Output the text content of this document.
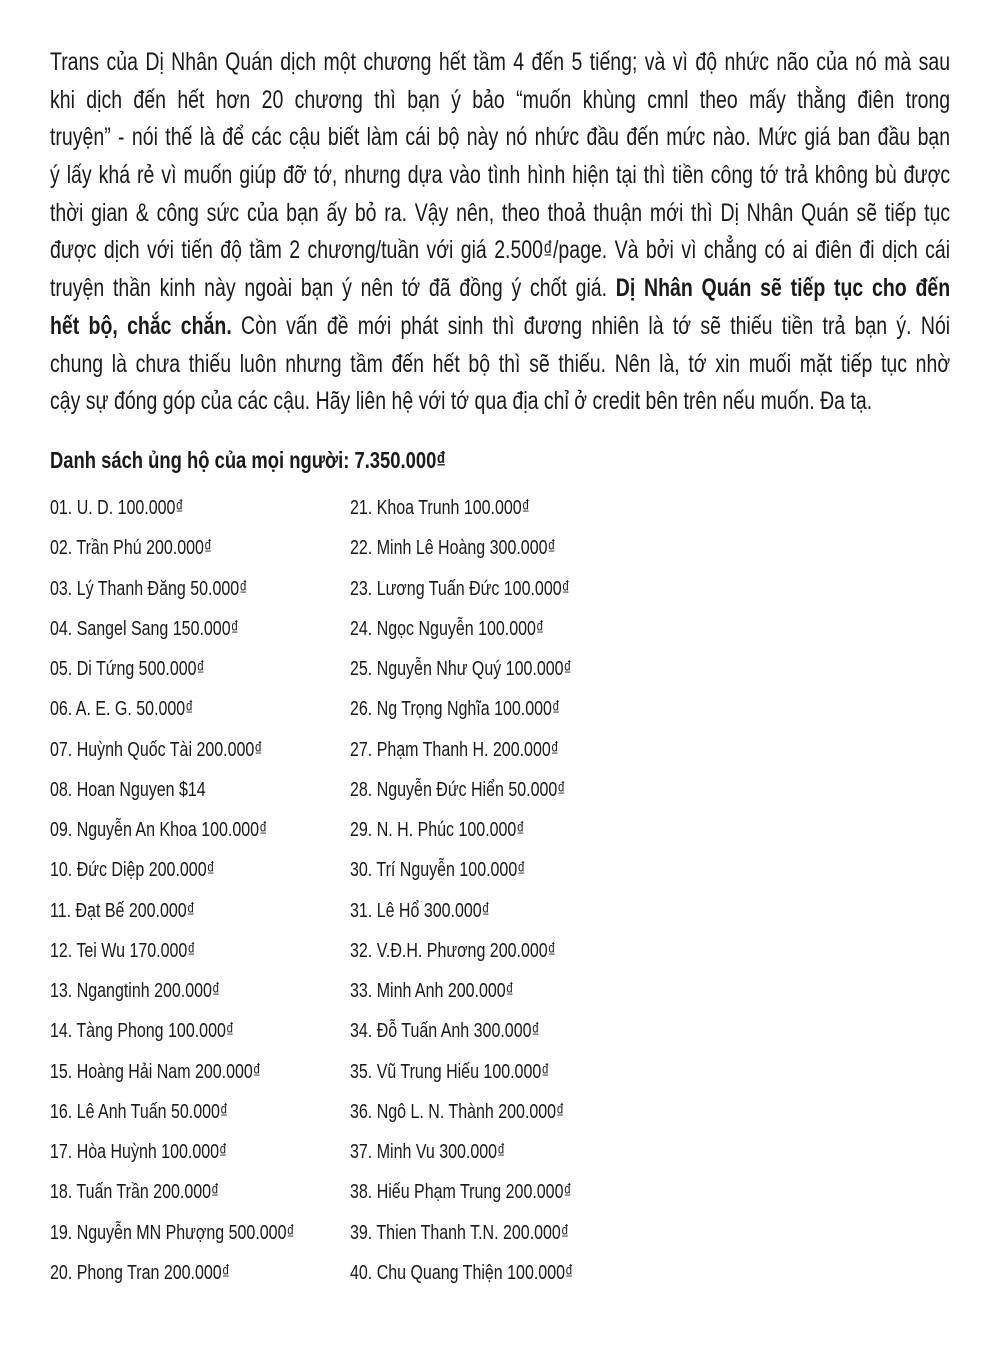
Trans của Dị Nhân Quán dịch một chương hết tầm 4 đến 5 tiếng; và vì độ nhức não của nó mà sau
khi dịch đến hết hơn 20 chương thì bạn ý bảo “muốn khùng cmnl theo mấy thằng điên trong
truyện” - nói thế là để các cậu biết làm cái bộ này nó nhức đầu đến mức nào. Mức giá ban đầu bạn
ý lấy khá rẻ vì muốn giúp đỡ tớ, nhưng dựa vào tình hình hiện tại thì tiền công tớ trả không bù được
thời gian & công sức của bạn ấy bỏ ra. Vậy nên, theo thoả thuận mới thì Dị Nhân Quán sẽ tiếp tục
được dịch với tiến độ tầm 2 chương/tuần với giá 2.500₫/page. Và bởi vì chẳng có ai điên đi dịch cái
truyện thần kinh này ngoài bạn ý nên tớ đã đồng ý chốt giá. Dị Nhân Quán sẽ tiếp tục cho đến
hết bộ, chắc chắn. Còn vấn đề mới phát sinh thì đương nhiên là tớ sẽ thiếu tiền trả bạn ý. Nói
chung là chưa thiếu luôn nhưng tầm đến hết bộ thì sẽ thiếu. Nên là, tớ xin muối mặt tiếp tục nhờ
cậy sự đóng góp của các cậu. Hãy liên hệ với tớ qua địa chỉ ở credit bên trên nếu muốn. Đa tạ.
Danh sách ủng hộ của mọi người: 7.350.000₫
01. U. D. 100.000₫
02. Trần Phú 200.000₫
03. Lý Thanh Đăng 50.000₫
04. Sangel Sang 150.000₫
05. Di Tứng 500.000₫
06. A. E. G. 50.000₫
07. Huỳnh Quốc Tài 200.000₫
08. Hoan Nguyen $14
09. Nguyễn An Khoa 100.000₫
10. Đức Diệp 200.000₫
11. Đạt Bế 200.000₫
12. Tei Wu 170.000₫
13. Ngangtinh 200.000₫
14. Tàng Phong 100.000₫
15. Hoàng Hải Nam 200.000₫
16. Lê Anh Tuấn 50.000₫
17. Hòa Huỳnh 100.000₫
18. Tuấn Trần 200.000₫
19. Nguyễn MN Phượng 500.000₫
20. Phong Tran 200.000₫
21. Khoa Trunh 100.000₫
22. Minh Lê Hoàng 300.000₫
23. Lương Tuấn Đức 100.000₫
24. Ngọc Nguyễn 100.000₫
25. Nguyễn Như Quý 100.000₫
26. Ng Trọng Nghĩa 100.000₫
27. Phạm Thanh H. 200.000₫
28. Nguyễn Đức Hiển 50.000₫
29. N. H. Phúc 100.000₫
30. Trí Nguyễn 100.000₫
31. Lê Hổ 300.000₫
32. V.Đ.H. Phương 200.000₫
33. Minh Anh 200.000₫
34. Đỗ Tuấn Anh 300.000₫
35. Vũ Trung Hiếu 100.000₫
36. Ngô L. N. Thành 200.000₫
37. Minh Vu 300.000₫
38. Hiếu Phạm Trung 200.000₫
39. Thien Thanh T.N. 200.000₫
40. Chu Quang Thiện 100.000₫
